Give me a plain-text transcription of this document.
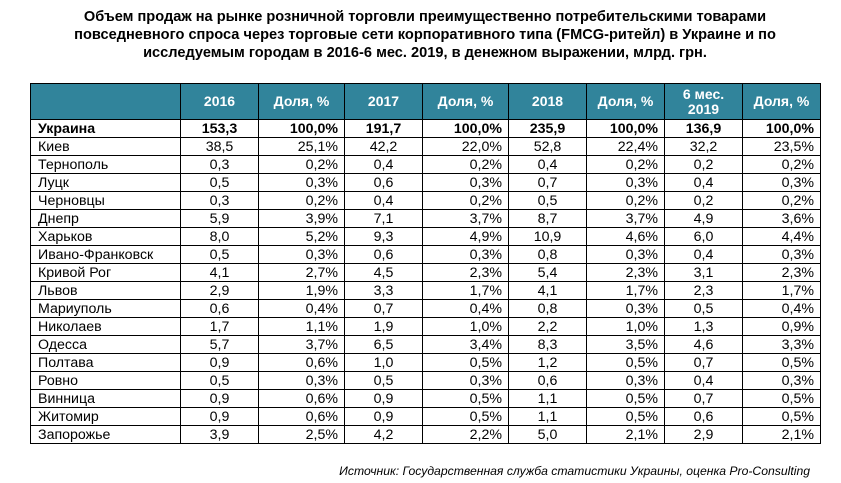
Объем продаж на рынке розничной торговли преимущественно потребительскими товарами повседневного спроса через торговые сети корпоративного типа (FMCG-ритейл) в Украине и по исследуемым городам в 2016-6 мес. 2019, в денежном выражении, млрд. грн.
	2016	Доля, %	2017	Доля, %	2018	Доля, %	6 мес. 2019	Доля, %
Украина	153,3	100,0%	191,7	100,0%	235,9	100,0%	136,9	100,0%
Киев	38,5	25,1%	42,2	22,0%	52,8	22,4%	32,2	23,5%
Тернополь	0,3	0,2%	0,4	0,2%	0,4	0,2%	0,2	0,2%
Луцк	0,5	0,3%	0,6	0,3%	0,7	0,3%	0,4	0,3%
Черновцы	0,3	0,2%	0,4	0,2%	0,5	0,2%	0,2	0,2%
Днепр	5,9	3,9%	7,1	3,7%	8,7	3,7%	4,9	3,6%
Харьков	8,0	5,2%	9,3	4,9%	10,9	4,6%	6,0	4,4%
Ивано-Франковск	0,5	0,3%	0,6	0,3%	0,8	0,3%	0,4	0,3%
Кривой Рог	4,1	2,7%	4,5	2,3%	5,4	2,3%	3,1	2,3%
Львов	2,9	1,9%	3,3	1,7%	4,1	1,7%	2,3	1,7%
Мариуполь	0,6	0,4%	0,7	0,4%	0,8	0,3%	0,5	0,4%
Николаев	1,7	1,1%	1,9	1,0%	2,2	1,0%	1,3	0,9%
Одесса	5,7	3,7%	6,5	3,4%	8,3	3,5%	4,6	3,3%
Полтава	0,9	0,6%	1,0	0,5%	1,2	0,5%	0,7	0,5%
Ровно	0,5	0,3%	0,5	0,3%	0,6	0,3%	0,4	0,3%
Винница	0,9	0,6%	0,9	0,5%	1,1	0,5%	0,7	0,5%
Житомир	0,9	0,6%	0,9	0,5%	1,1	0,5%	0,6	0,5%
Запорожье	3,9	2,5%	4,2	2,2%	5,0	2,1%	2,9	2,1%
Источник: Государственная служба статистики Украины, оценка Pro-Consulting
